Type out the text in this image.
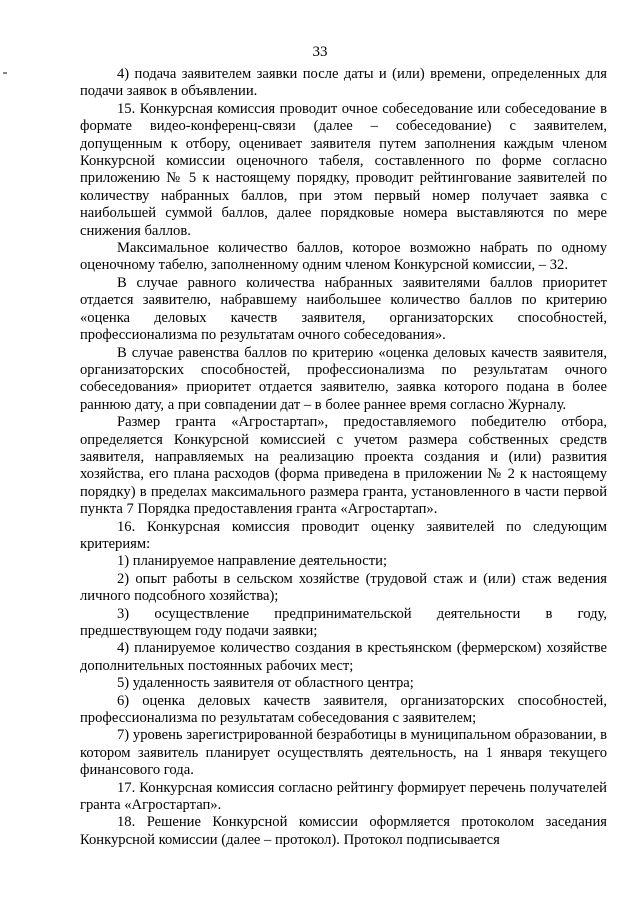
33

4) подача заявителем заявки после даты и (или) времени, определенных для подачи заявок в объявлении.

15. Конкурсная комиссия проводит очное собеседование или собеседование в формате видео-конференц-связи (далее – собеседование) с заявителем, допущенным к отбору, оценивает заявителя путем заполнения каждым членом Конкурсной комиссии оценочного табеля, составленного по форме согласно приложению № 5 к настоящему порядку, проводит рейтингование заявителей по количеству набранных баллов, при этом первый номер получает заявка с наибольшей суммой баллов, далее порядковые номера выставляются по мере снижения баллов.

Максимальное количество баллов, которое возможно набрать по одному оценочному табелю, заполненному одним членом Конкурсной комиссии, – 32.

В случае равного количества набранных заявителями баллов приоритет отдается заявителю, набравшему наибольшее количество баллов по критерию «оценка деловых качеств заявителя, организаторских способностей, профессионализма по результатам очного собеседования».

В случае равенства баллов по критерию «оценка деловых качеств заявителя, организаторских способностей, профессионализма по результатам очного собеседования» приоритет отдается заявителю, заявка которого подана в более раннюю дату, а при совпадении дат – в более раннее время согласно Журналу.

Размер гранта «Агростартап», предоставляемого победителю отбора, определяется Конкурсной комиссией с учетом размера собственных средств заявителя, направляемых на реализацию проекта создания и (или) развития хозяйства, его плана расходов (форма приведена в приложении № 2 к настоящему порядку) в пределах максимального размера гранта, установленного в части первой пункта 7 Порядка предоставления гранта «Агростартап».

16. Конкурсная комиссия проводит оценку заявителей по следующим критериям:

1) планируемое направление деятельности;

2) опыт работы в сельском хозяйстве (трудовой стаж и (или) стаж ведения личного подсобного хозяйства);

3) осуществление предпринимательской деятельности в году, предшествующем году подачи заявки;

4) планируемое количество создания в крестьянском (фермерском) хозяйстве дополнительных постоянных рабочих мест;

5) удаленность заявителя от областного центра;

6) оценка деловых качеств заявителя, организаторских способностей, профессионализма по результатам собеседования с заявителем;

7) уровень зарегистрированной безработицы в муниципальном образовании, в котором заявитель планирует осуществлять деятельность, на 1 января текущего финансового года.

17. Конкурсная комиссия согласно рейтингу формирует перечень получателей гранта «Агростартап».

18. Решение Конкурсной комиссии оформляется протоколом заседания Конкурсной комиссии (далее – протокол). Протокол подписывается
